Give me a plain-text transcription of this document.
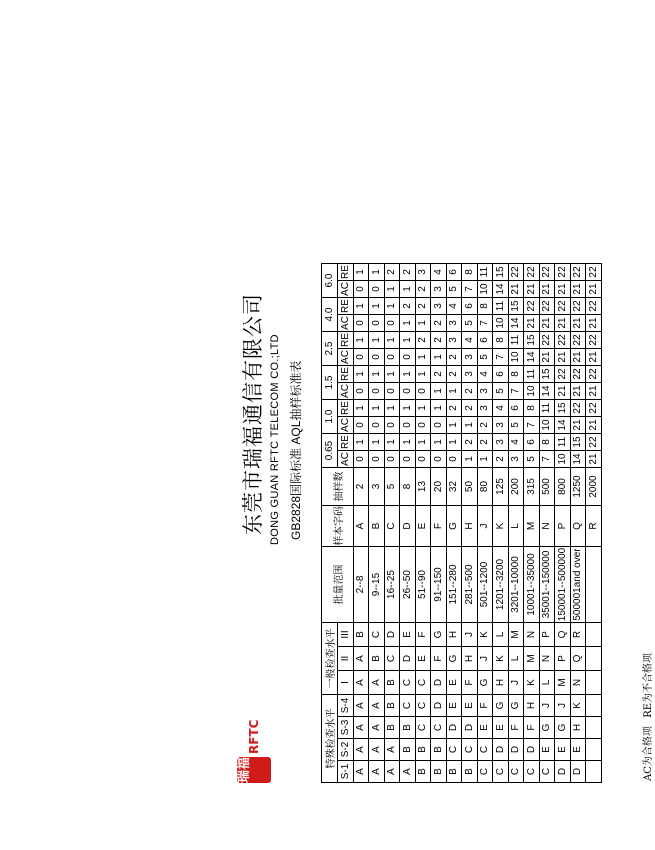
瑞福
RFTC
东莞市瑞福通信有限公司 DONG GUAN RFTC TELECOM CO.;LTD GB2828国际标准 AQL抽样标准表
特殊检查水平				一般检查水平			批量范围	样本字码	抽样数	0.65		1.0		1.5		2.5		4.0		6.0	
S-1	S-2	S-3	S-4	I	II	III				AC	RE	AC	RE	AC	RE	AC	RE	AC	RE	AC	RE
A	A	A	A	A	A	B	2--8	A	2	0	1	0	1	0	1	0	1	0	1	0	1
A	A	A	A	A	B	C	9--15	B	3	0	1	0	1	0	1	0	1	0	1	0	1
A	A	B	B	B	C	D	16--25	C	5	0	1	0	1	0	1	0	1	0	1	1	2
A	B	B	C	C	D	E	26--50	D	8	0	1	0	1	0	1	0	1	1	2	1	2
B	B	C	C	C	E	F	51--90	E	13	0	1	0	1	0	1	1	2	1	2	2	3
B	B	C	D	D	F	G	91--150	F	20	0	1	0	1	1	2	1	2	2	3	3	4
B	C	D	E	E	G	H	151--280	G	32	0	1	1	2	1	2	2	3	3	4	5	6
B	C	D	E	F	H	J	281--500	H	50	1	2	1	2	2	3	3	4	5	6	7	8
C	C	E	F	G	J	K	501--1200	J	80	1	2	2	3	3	4	5	6	7	8	10	11
C	D	E	G	H	K	L	1201--3200	K	125	2	3	3	4	5	6	7	8	10	11	14	15
C	D	F	G	J	L	M	3201--10000	L	200	3	4	5	6	7	8	10	11	14	15	21	22
C	D	F	H	K	M	N	10001--35000	M	315	5	6	7	8	10	11	14	15	21	22	21	22
C	E	G	J	L	N	P	35001--150000	N	500	7	8	10	11	14	15	21	22	21	22	21	22
D	E	G	J	M	P	Q	150001--500000	P	800	10	11	14	15	21	22	21	22	21	22	21	22
D	E	H	K	N	Q	R	500001and over	Q	1250	14	15	21	22	21	22	21	22	21	22	21	22
								R	2000	21	22	21	22	21	22	21	22	21	22	21	22
AC为合格项   RE为不合格项
